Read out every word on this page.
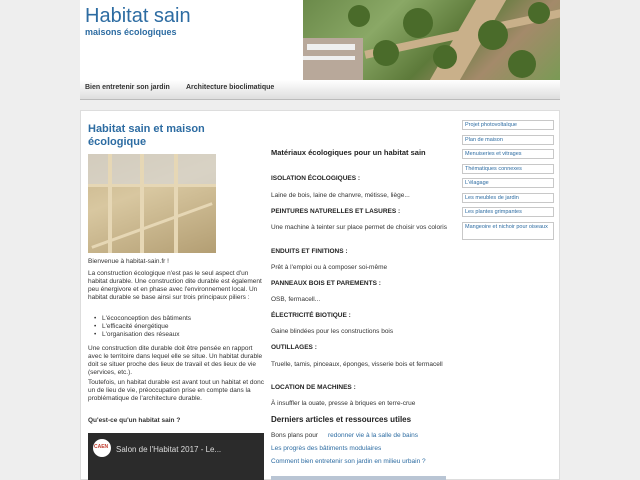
Habitat sain
maisons écologiques
Bien entretenir son jardin Architecture bioclimatique
Habitat sain et maison écologique
Bienvenue à habitat-sain.fr !
La construction écologique n'est pas le seul aspect d'un habitat durable. Une construction dite durable est également peu énergivore et en phase avec l'environnement local. Un habitat durable se base ainsi sur trois principaux piliers :
• L'écoconception des bâtiments
• L'efficacité énergétique
• L'organisation des réseaux
Une construction dite durable doit être pensée en rapport avec le territoire dans lequel elle se situe. Un habitat durable doit se situer proche des lieux de travail et des lieux de vie (services, etc.).
Toutefois, un habitat durable est avant tout un habitat et donc un de lieu de vie, préoccupation prise en compte dans la problématique de l'architecture durable.
Qu'est-ce qu'un habitat sain ?
CAEN Salon de l'Habitat 2017 - Le...
Matériaux écologiques pour un habitat sain
ISOLATION ÉCOLOGIQUES :
Laine de bois, laine de chanvre, métisse, liège...
PEINTURES NATURELLES ET LASURES :
Une machine à teinter sur place permet de choisir vos coloris
ENDUITS ET FINITIONS :
Prêt à l'emploi ou à composer soi-même
PANNEAUX BOIS ET PAREMENTS :
OSB, fermacell...
ÉLECTRICITÉ BIOTIQUE :
Gaine blindées pour les constructions bois
OUTILLAGES :
Truelle, tamis, pinceaux, éponges, visserie bois et fermacell
LOCATION DE MACHINES :
À insuffler la ouate, presse à briques en terre-crue
Derniers articles et ressources utiles
Bons plans pour redonner vie à la salle de bains
Les progrès des bâtiments modulaires
Comment bien entretenir son jardin en milieu urbain ?
Projet photovoltaïque
Plan de maison
Menuiseries et vitrages
Thématiques connexes
L'élagage
Les meubles de jardin
Les plantes grimpantes
Mangeoire et nichoir pour oiseaux
